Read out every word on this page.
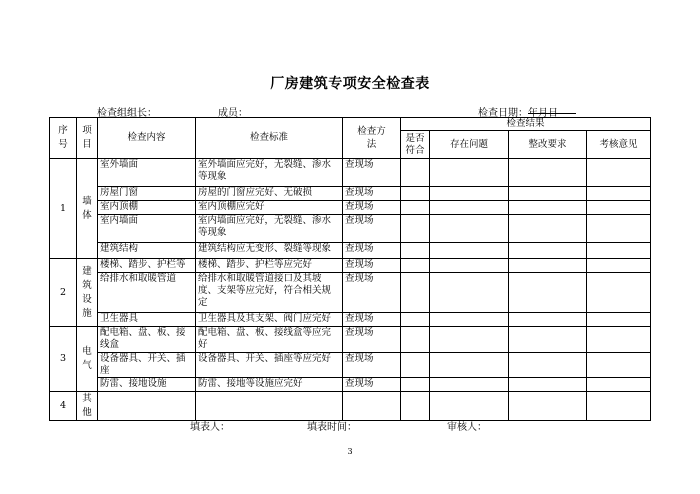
厂房建筑专项安全检查表
检查组组长：	成员：	检查日期：
年
月
日
序号	项目	检查内容	检查标准	检查方法	检查结果			
					是否符合	存在问题	整改要求	考核意见
1	墙体	室外墙面	室外墙面应完好，无裂缝、渗水等现象	查现场				
		房屋门窗	房屋的门窗应完好、无破损	查现场				
		室内顶棚	室内顶棚应完好	查现场				
		室内墙面	室内墙面应完好，无裂缝、渗水等现象	查现场				
		建筑结构	建筑结构应无变形、裂缝等现象	查现场				
2	建筑设施	楼梯、踏步、护栏等	楼梯、踏步、护栏等应完好	查现场				
		给排水和取暖管道	给排水和取暖管道接口及其坡度、支架等应完好，符合相关规定	查现场				
		卫生器具	卫生器具及其支架、阀门应完好	查现场				
3	电气	配电箱、盘、板、接线盒	配电箱、盘、板、接线盒等应完好	查现场				
		设备器具、开关、插座	设备器具、开关、插座等应完好	查现场				
		防雷、接地设施	防雷、接地等设施应完好	查现场				
4	其他							
填表人：	填表时间：	审核人：
3
